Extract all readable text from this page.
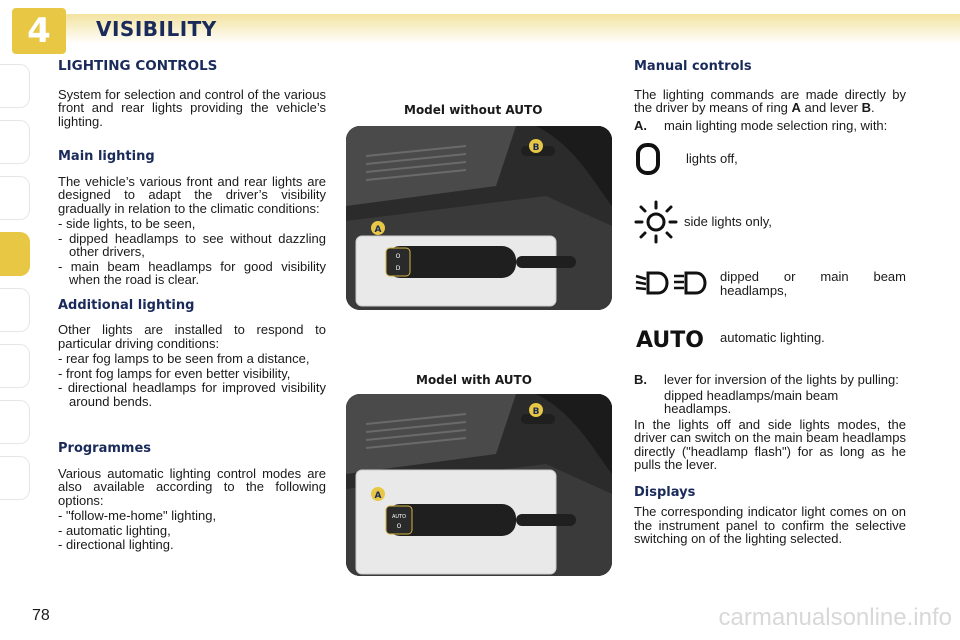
4	VISIBILITY
LIGHTING CONTROLS

System for selection and control of the various front and rear lights providing the vehicle’s lighting.

Main lighting

The vehicle’s various front and rear lights are designed to adapt the driver’s visibility gradually in relation to the climatic conditions:

- side lights, to be seen,
- dipped headlamps to see without dazzling other drivers,
- main beam headlamps for good visibility when the road is clear.
Additional lighting

Other lights are installed to respond to particular driving conditions:

- rear fog lamps to be seen from a distance,
- front fog lamps for even better visibility,
- directional headlamps for improved visibility around bends.
Programmes

Various automatic lighting control modes are also available according to the following options:

- "follow-me-home" lighting,
- automatic lighting,
- directional lighting.
Model without AUTO
O
D
A
B
Model with AUTO
AUTO
O
A
B
Manual controls

The lighting commands are made directly by the driver by means of ring A and lever B.

A.	main lighting mode selection ring, with:
lights off,
side lights only,
dipped or main beam headlamps,
AUTO automatic lighting.
B.	lever for inversion of the lights by pulling:

dipped headlamps/main beam headlamps.

In the lights off and side lights modes, the driver can switch on the main beam headlamps directly ("headlamp flash") for as long as he pulls the lever.

Displays

The corresponding indicator light comes on on the instrument panel to confirm the selective switching on of the lighting selected.

78	carmanualsonline.info
